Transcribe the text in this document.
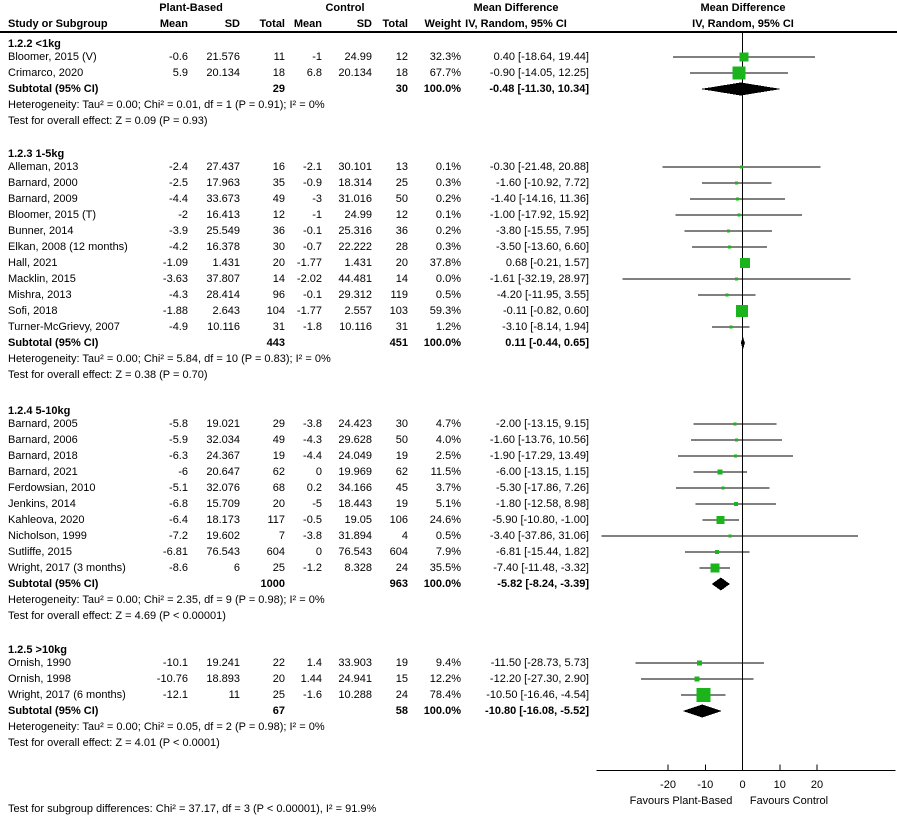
Plant-Based	Control	Mean Difference	Mean Difference
Study or Subgroup	Mean	SD Total Mean	SD Total Weight IV, Random, 95% CI	IV, Random, 95% CI
1.2.2 <1kg
Bloomer, 2015 (V)	-0.6 21.576	11 -1 24.99 12 32.3%	0.40 [-18.64, 19.44]
Crimarco, 2020	5.9 20.134	18 6.8 20.134 18 67.7%	-0.90 [-14.05, 12.25]
Subtotal (95% CI)	29	30 100.0%	-0.48 [-11.30, 10.34]
Heterogeneity: Tau² = 0.00; Chi² = 0.01, df = 1 (P = 0.91); I² = 0%
Test for overall effect: Z = 0.09 (P = 0.93)
1.2.3 1-5kg
Alleman, 2013	-2.4 27.437	16 -2.1 30.101 13	0.1%	-0.30 [-21.48, 20.88]
Barnard, 2000	-2.5 17.963	35 -0.9 18.314 25	0.3%	-1.60 [-10.92, 7.72]
Barnard, 2009	-4.4 33.673	49 -3 31.016 50	0.2%	-1.40 [-14.16, 11.36]
Bloomer, 2015 (T)	-2 16.413	12 -1 24.99 12	0.1%	-1.00 [-17.92, 15.92]
Bunner, 2014	-3.9 25.549	36 -0.1 25.316 36	0.2%	-3.80 [-15.55, 7.95]
Elkan, 2008 (12 months)	-4.2 16.378	30 -0.7 22.222 28	0.3%	-3.50 [-13.60, 6.60]
Hall, 2021	-1.09 1.431	20 -1.77 1.431 20 37.8%	0.68 [-0.21, 1.57]
Macklin, 2015	-3.63 37.807	14 -2.02 44.481 14	0.0%	-1.61 [-32.19, 28.97]
Mishra, 2013	-4.3 28.414	96 -0.1 29.312 119	0.5%	-4.20 [-11.95, 3.55]
Sofi, 2018	-1.88 2.643 104 -1.77 2.557 103 59.3%	-0.11 [-0.82, 0.60]
Turner-McGrievy, 2007	-4.9 10.116	31 -1.8 10.116 31	1.2%	-3.10 [-8.14, 1.94]
Subtotal (95% CI)	443	451 100.0%	0.11 [-0.44, 0.65]
Heterogeneity: Tau² = 0.00; Chi² = 5.84, df = 10 (P = 0.83); I² = 0%
Test for overall effect: Z = 0.38 (P = 0.70)
1.2.4 5-10kg
Barnard, 2005	-5.8 19.021	29 -3.8 24.423 30	4.7%	-2.00 [-13.15, 9.15]
Barnard, 2006	-5.9 32.034	49 -4.3 29.628 50	4.0%	-1.60 [-13.76, 10.56]
Barnard, 2018	-6.3 24.367	19 -4.4 24.049 19	2.5%	-1.90 [-17.29, 13.49]
Barnard, 2021	-6 20.647	62	0 19.969 62 11.5%	-6.00 [-13.15, 1.15]
Ferdowsian, 2010	-5.1 32.076	68 0.2 34.166 45	3.7%	-5.30 [-17.86, 7.26]
Jenkins, 2014	-6.8 15.709	20 -5 18.443 19	5.1%	-1.80 [-12.58, 8.98]
Kahleova, 2020	-6.4 18.173 117 -0.5 19.05 106 24.6%	-5.90 [-10.80, -1.00]
Nicholson, 1999	-7.2 19.602	7 -3.8 31.894	4	0.5%	-3.40 [-37.86, 31.06]
Sutliffe, 2015	-6.81 76.543 604	0 76.543 604	7.9%	-6.81 [-15.44, 1.82]
Wright, 2017 (3 months)	-8.6	6	25 -1.2 8.328 24 35.5%	-7.40 [-11.48, -3.32]
Subtotal (95% CI)	1000	963 100.0%	-5.82 [-8.24, -3.39]
Heterogeneity: Tau² = 0.00; Chi² = 2.35, df = 9 (P = 0.98); I² = 0%
Test for overall effect: Z = 4.69 (P < 0.00001)
1.2.5 >10kg
Ornish, 1990	-10.1 19.241	22 1.4 33.903 19	9.4%	-11.50 [-28.73, 5.73]
Ornish, 1998	-10.76 18.893	20 1.44 24.941 15 12.2%	-12.20 [-27.30, 2.90]
Wright, 2017 (6 months)	-12.1	11	25 -1.6 10.288 24 78.4% -10.50 [-16.46, -4.54]
Subtotal (95% CI)	67	58 100.0% -10.80 [-16.08, -5.52]
Heterogeneity: Tau² = 0.00; Chi² = 0.05, df = 2 (P = 0.98); I² = 0%
Test for overall effect: Z = 4.01 (P < 0.0001)
-20 -10 0	10 20
Favours Plant-Based Favours Control
Test for subgroup differences: Chi² = 37.17, df = 3 (P < 0.00001), I² = 91.9%
